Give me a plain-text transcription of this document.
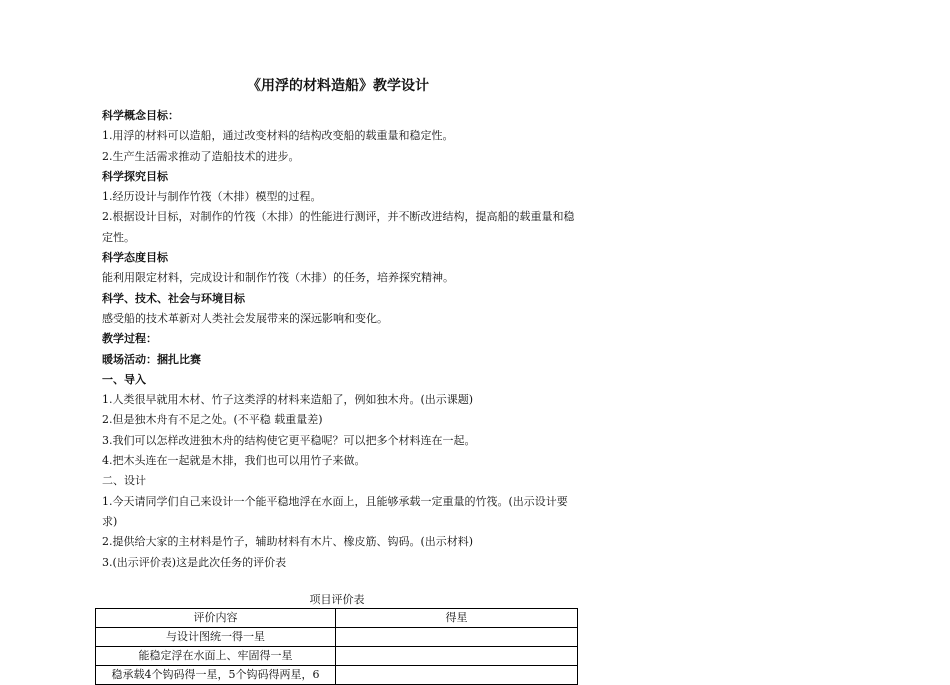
《用浮的材料造船》教学设计

科学概念目标：

1.用浮的材料可以造船，通过改变材料的结构改变船的载重量和稳定性。

2.生产生活需求推动了造船技术的进步。

科学探究目标

1.经历设计与制作竹筏（木排）模型的过程。

2.根据设计目标，对制作的竹筏（木排）的性能进行测评，并不断改进结构，提高船的载重量和稳定性。

科学态度目标

能利用限定材料，完成设计和制作竹筏（木排）的任务，培养探究精神。

科学、技术、社会与环境目标

感受船的技术革新对人类社会发展带来的深远影响和变化。

教学过程：

暖场活动：捆扎比赛

一、导入

1.人类很早就用木材、竹子这类浮的材料来造船了，例如独木舟。(出示课题)

2.但是独木舟有不足之处。(不平稳 载重量差)

3.我们可以怎样改进独木舟的结构使它更平稳呢？可以把多个材料连在一起。

4.把木头连在一起就是木排，我们也可以用竹子来做。

二、设计

1.今天请同学们自己来设计一个能平稳地浮在水面上，且能够承载一定重量的竹筏。(出示设计要求)

2.提供给大家的主材料是竹子，辅助材料有木片、橡皮筋、钩码。(出示材料)

3.(出示评价表)这是此次任务的评价表

项目评价表
评价内容	得星
与设计图统一得一星	
能稳定浮在水面上、牢固得一星	
稳承载4个钩码得一星，5个钩码得两星，6	
